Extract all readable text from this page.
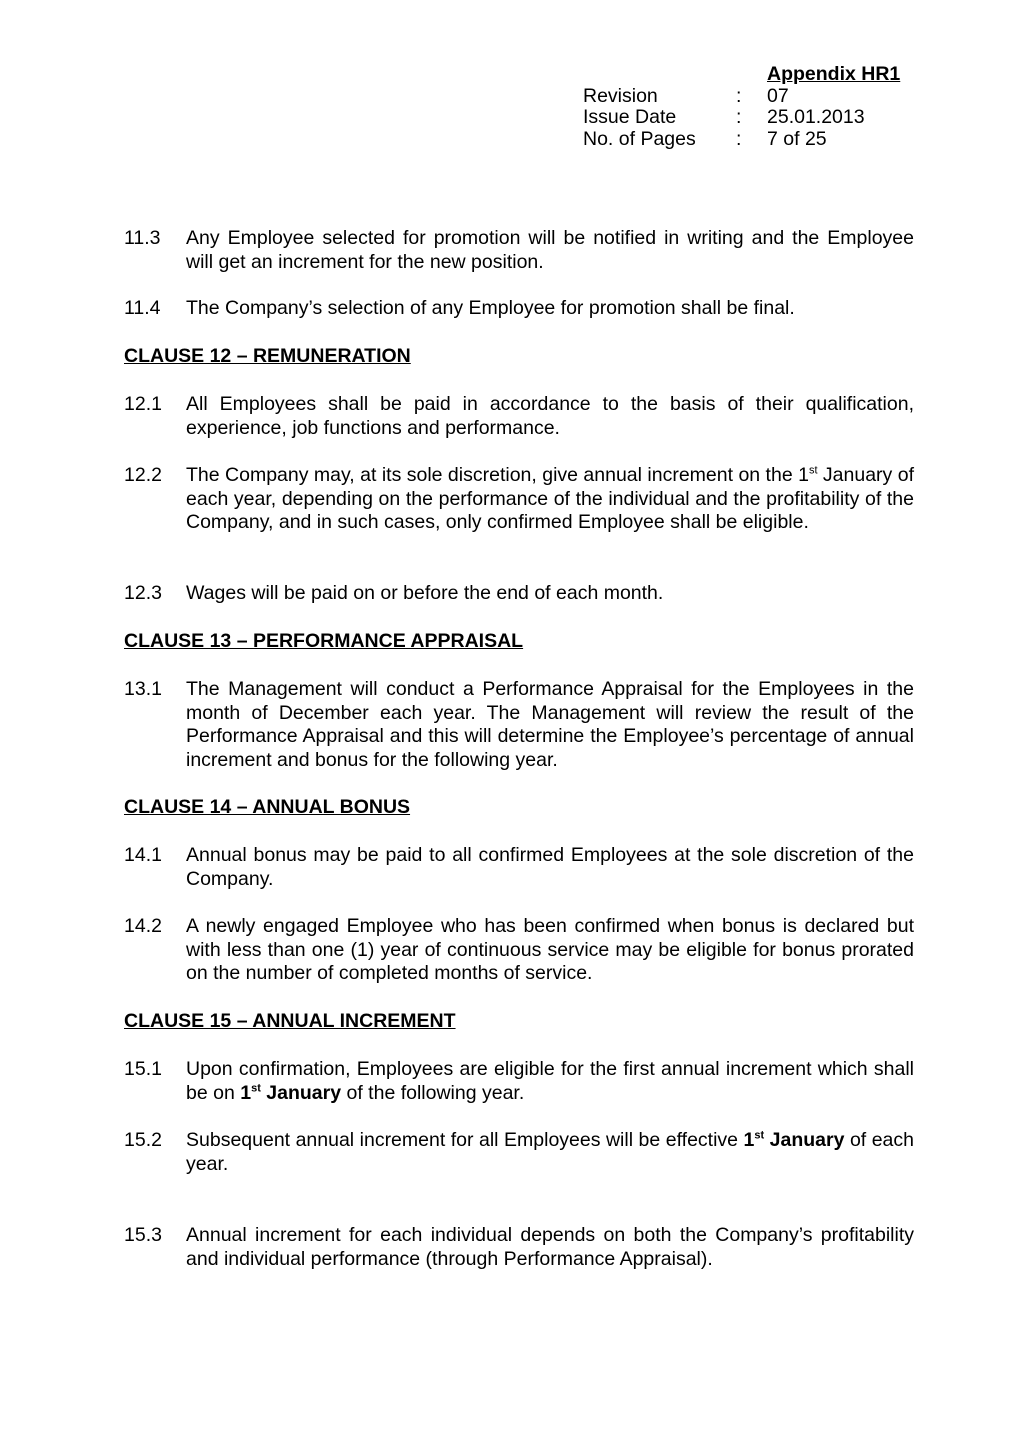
Appendix HR1
Revision	: 07
Issue Date	: 25.01.2013
No. of Pages : 7 of 25
11.3 Any Employee selected for promotion will be notified in writing and the Employee will get an increment for the new position.
11.4 The Company’s selection of any Employee for promotion shall be final.
CLAUSE 12 – REMUNERATION
12.1 All Employees shall be paid in accordance to the basis of their qualification, experience, job functions and performance.
12.2 The Company may, at its sole discretion, give annual increment on the 1st January of each year, depending on the performance of the individual and the profitability of the Company, and in such cases, only confirmed Employee shall be eligible.
12.3 Wages will be paid on or before the end of each month.
CLAUSE 13 – PERFORMANCE APPRAISAL
13.1 The Management will conduct a Performance Appraisal for the Employees in the month of December each year. The Management will review the result of the Performance Appraisal and this will determine the Employee’s percentage of annual increment and bonus for the following year.
CLAUSE 14 – ANNUAL BONUS
14.1 Annual bonus may be paid to all confirmed Employees at the sole discretion of the Company.
14.2 A newly engaged Employee who has been confirmed when bonus is declared but with less than one (1) year of continuous service may be eligible for bonus prorated on the number of completed months of service.
CLAUSE 15 – ANNUAL INCREMENT
15.1 Upon confirmation, Employees are eligible for the first annual increment which shall be on 1st January of the following year.
15.2 Subsequent annual increment for all Employees will be effective 1st January of each year.
15.3 Annual increment for each individual depends on both the Company’s profitability and individual performance (through Performance Appraisal).
